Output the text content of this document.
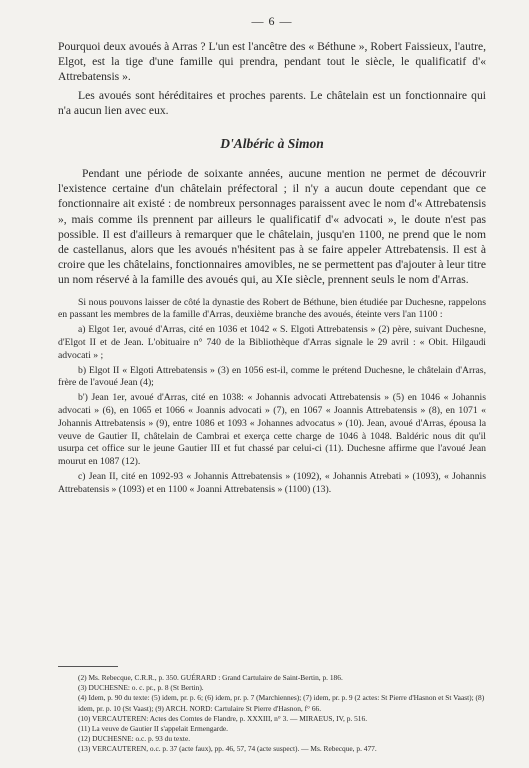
— 6 —

Pourquoi deux avoués à Arras ? L'un est l'ancêtre des « Béthune », Robert Faissieux, l'autre, Elgot, est la tige d'une famille qui prendra, pendant tout le siècle, le qualificatif d'« Attrebatensis ».

Les avoués sont héréditaires et proches parents. Le châtelain est un fonctionnaire qui n'a aucun lien avec eux.

D'Albéric à Simon

Pendant une période de soixante années, aucune mention ne permet de découvrir l'existence certaine d'un châtelain préfectoral ; il n'y a aucun doute cependant que ce fonctionnaire ait existé : de nombreux personnages paraissent avec le nom d'« Attrebatensis », mais comme ils prennent par ailleurs le qualificatif d'« advocati », le doute n'est pas possible. Il est d'ailleurs à remarquer que le châtelain, jusqu'en 1100, ne prend que le nom de castellanus, alors que les avoués n'hésitent pas à se faire appeler Attrebatensis. Il est à croire que les châtelains, fonctionnaires amovibles, ne se permettent pas d'ajouter à leur titre un nom réservé à la famille des avoués qui, au XIe siècle, prennent seuls le nom d'Arras.

Si nous pouvons laisser de côté la dynastie des Robert de Béthune, bien étudiée par Duchesne, rappelons en passant les membres de la famille d'Arras, deuxième branche des avoués, éteinte vers l'an 1100 :

a) Elgot 1er, avoué d'Arras, cité en 1036 et 1042 « S. Elgoti Attrebatensis » (2) père, suivant Duchesne, d'Elgot II et de Jean. L'obituaire n° 740 de la Bibliothèque d'Arras signale le 29 avril : « Obit. Hilgaudi advocati » ;

b) Elgot II « Elgoti Attrebatensis » (3) en 1056 est-il, comme le prétend Duchesne, le châtelain d'Arras, frère de l'avoué Jean (4);

b') Jean 1er, avoué d'Arras, cité en 1038: « Johannis advocati Attrebatensis » (5) en 1046 « Johannis advocati » (6), en 1065 et 1066 « Joannis advocati » (7), en 1067 « Joannis Attrebatensis » (8), en 1071 « Johannis Attrebatensis » (9), entre 1086 et 1093 « Johannes advocatus » (10). Jean, avoué d'Arras, épousa la veuve de Gautier II, châtelain de Cambrai et exerça cette charge de 1046 à 1048. Baldéric nous dit qu'il usurpa cet office sur le jeune Gautier III et fut chassé par celui-ci (11). Duchesne affirme que l'avoué Jean mourut en 1087 (12).

c) Jean II, cité en 1092-93 « Johannis Attrebatensis » (1092), « Johannis Atrebati » (1093), « Johannis Attrebatensis » (1093) et en 1100 « Joanni Attrebatensis » (1100) (13).

(2) Ms. Rebecque, C.R.R., p. 350. GUÉRARD : Grand Cartulaire de Saint-Bertin, p. 186.
(3) DUCHESNE: o. c. pr., p. 8 (St Bertin).
(4) Idem, p. 90 du texte: (5) idem, pr. p. 6; (6) idem, pr. p. 7 (Marchiennes); (7) idem, pr. p. 9 (2 actes: St Pierre d'Hasnon et St Vaast); (8) idem, pr. p. 10 (St Vaast); (9) ARCH. NORD: Cartulaire St Pierre d'Hasnon, f° 66.
(10) VERCAUTEREN: Actes des Comtes de Flandre, p. XXXIII, n° 3. — MIRAEUS, IV, p. 516.
(11) La veuve de Gautier II s'appelait Ermengarde.
(12) DUCHESNE: o.c. p. 93 du texte.
(13) VERCAUTEREN, o.c. p. 37 (acte faux), pp. 46, 57, 74 (acte suspect). — Ms. Rebecque, p. 477.
